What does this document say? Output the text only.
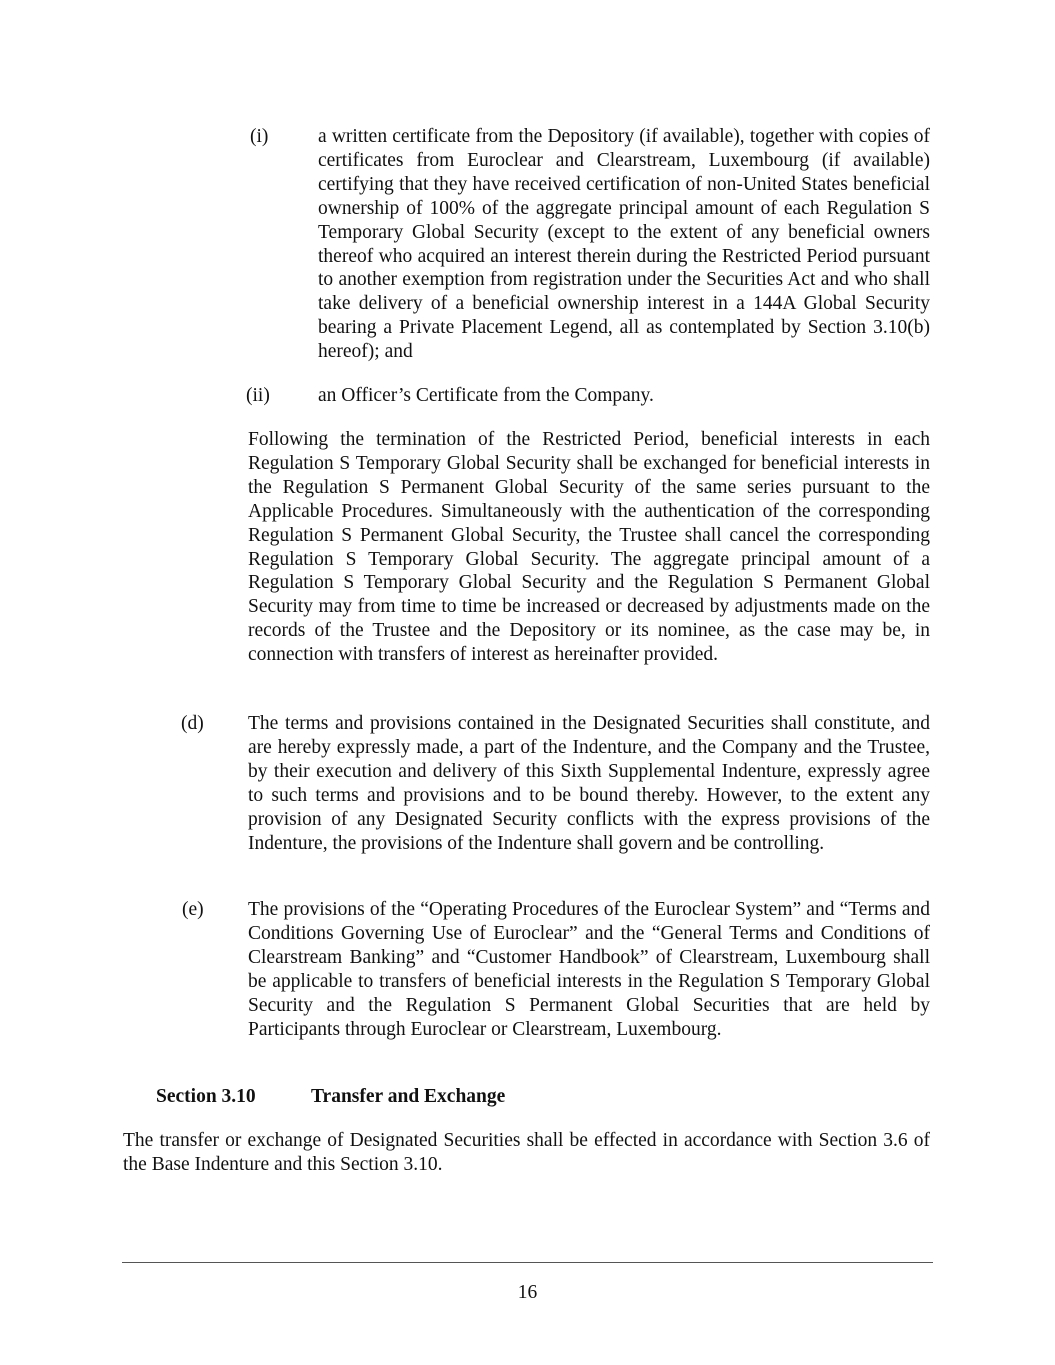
(i)	a written certificate from the Depository (if available), together with copies of certificates from Euroclear and Clearstream, Luxembourg (if available) certifying that they have received certification of non-United States beneficial ownership of 100% of the aggregate principal amount of each Regulation S Temporary Global Security (except to the extent of any beneficial owners thereof who acquired an interest therein during the Restricted Period pursuant to another exemption from registration under the Securities Act and who shall take delivery of a beneficial ownership interest in a 144A Global Security bearing a Private Placement Legend, all as contemplated by Section 3.10(b) hereof); and

(ii) an Officer’s Certificate from the Company.

Following the termination of the Restricted Period, beneficial interests in each Regulation S Temporary Global Security shall be exchanged for beneficial interests in the Regulation S Permanent Global Security of the same series pursuant to the Applicable Procedures. Simultaneously with the authentication of the corresponding Regulation S Permanent Global Security, the Trustee shall cancel the corresponding Regulation S Temporary Global Security. The aggregate principal amount of a Regulation S Temporary Global Security and the Regulation S Permanent Global Security may from time to time be increased or decreased by adjustments made on the records of the Trustee and the Depository or its nominee, as the case may be, in connection with transfers of interest as hereinafter provided.

(d) The terms and provisions contained in the Designated Securities shall constitute, and are hereby expressly made, a part of the Indenture, and the Company and the Trustee, by their execution and delivery of this Sixth Supplemental Indenture, expressly agree to such terms and provisions and to be bound thereby. However, to the extent any provision of any Designated Security conflicts with the express provisions of the Indenture, the provisions of the Indenture shall govern and be controlling.

(e) The provisions of the “Operating Procedures of the Euroclear System” and “Terms and Conditions Governing Use of Euroclear” and the “General Terms and Conditions of Clearstream Banking” and “Customer Handbook” of Clearstream, Luxembourg shall be applicable to transfers of beneficial interests in the Regulation S Temporary Global Security and the Regulation S Permanent Global Securities that are held by Participants through Euroclear or Clearstream, Luxembourg.

Section 3.10	Transfer and Exchange

The transfer or exchange of Designated Securities shall be effected in accordance with Section 3.6 of the Base Indenture and this Section 3.10.

16
